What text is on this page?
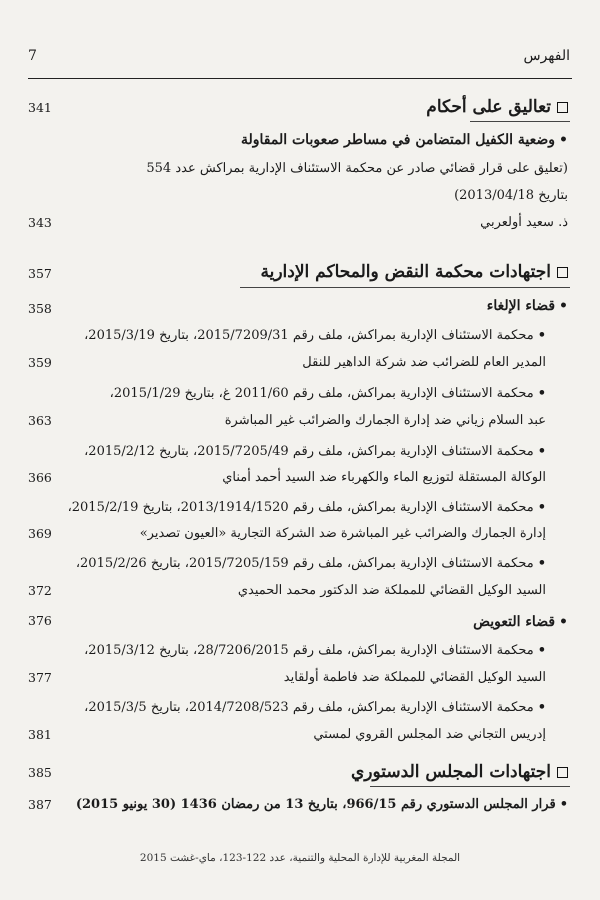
7	الفهرس
341	تعاليق على أحكام
•وضعية الكفيل المتضامن في مساطر صعوبات المقاولة
(تعليق على قرار قضائي صادر عن محكمة الاستئناف الإدارية بمراكش عدد 554
بتاريخ 2013/04/18)
343	ذ. سعيد أولعربي
357	اجتهادات محكمة النقض والمحاكم الإدارية
358	•قضاء الإلغاء
•محكمة الاستئناف الإدارية بمراكش، ملف رقم 2015/7209/31، بتاريخ 2015/3/19،
359	المدير العام للضرائب ضد شركة الداهير للنقل
•محكمة الاستئناف الإدارية بمراكش، ملف رقم 2011/60 غ، بتاريخ 2015/1/29،
363	عبد السلام زياني ضد إدارة الجمارك والضرائب غير المباشرة
•محكمة الاستئناف الإدارية بمراكش، ملف رقم 2015/7205/49، بتاريخ 2015/2/12،
366	الوكالة المستقلة لتوزيع الماء والكهرباء ضد السيد أحمد أمناي
•محكمة الاستئناف الإدارية بمراكش، ملف رقم 2013/1914/1520، بتاريخ 2015/2/19،
369	إدارة الجمارك والضرائب غير المباشرة ضد الشركة التجارية «العيون تصدير»
•محكمة الاستئناف الإدارية بمراكش، ملف رقم 2015/7205/159، بتاريخ 2015/2/26،
372	السيد الوكيل القضائي للمملكة ضد الدكتور محمد الحميدي
376	•قضاء التعويض
•محكمة الاستئناف الإدارية بمراكش، ملف رقم 28/7206/2015، بتاريخ 2015/3/12،
377	السيد الوكيل القضائي للمملكة ضد فاطمة أولقايد
•محكمة الاستئناف الإدارية بمراكش، ملف رقم 2014/7208/523، بتاريخ 2015/3/5،
381	إدريس التجاني ضد المجلس القروي لمستي
385	اجتهادات المجلس الدستوري
387	•قرار المجلس الدستوري رقم 966/15، بتاريخ 13 من رمضان 1436 (30 يونيو 2015)
المجلة المغربية للإدارة المحلية والتنمية، عدد 122-123، ماي-غشت 2015
